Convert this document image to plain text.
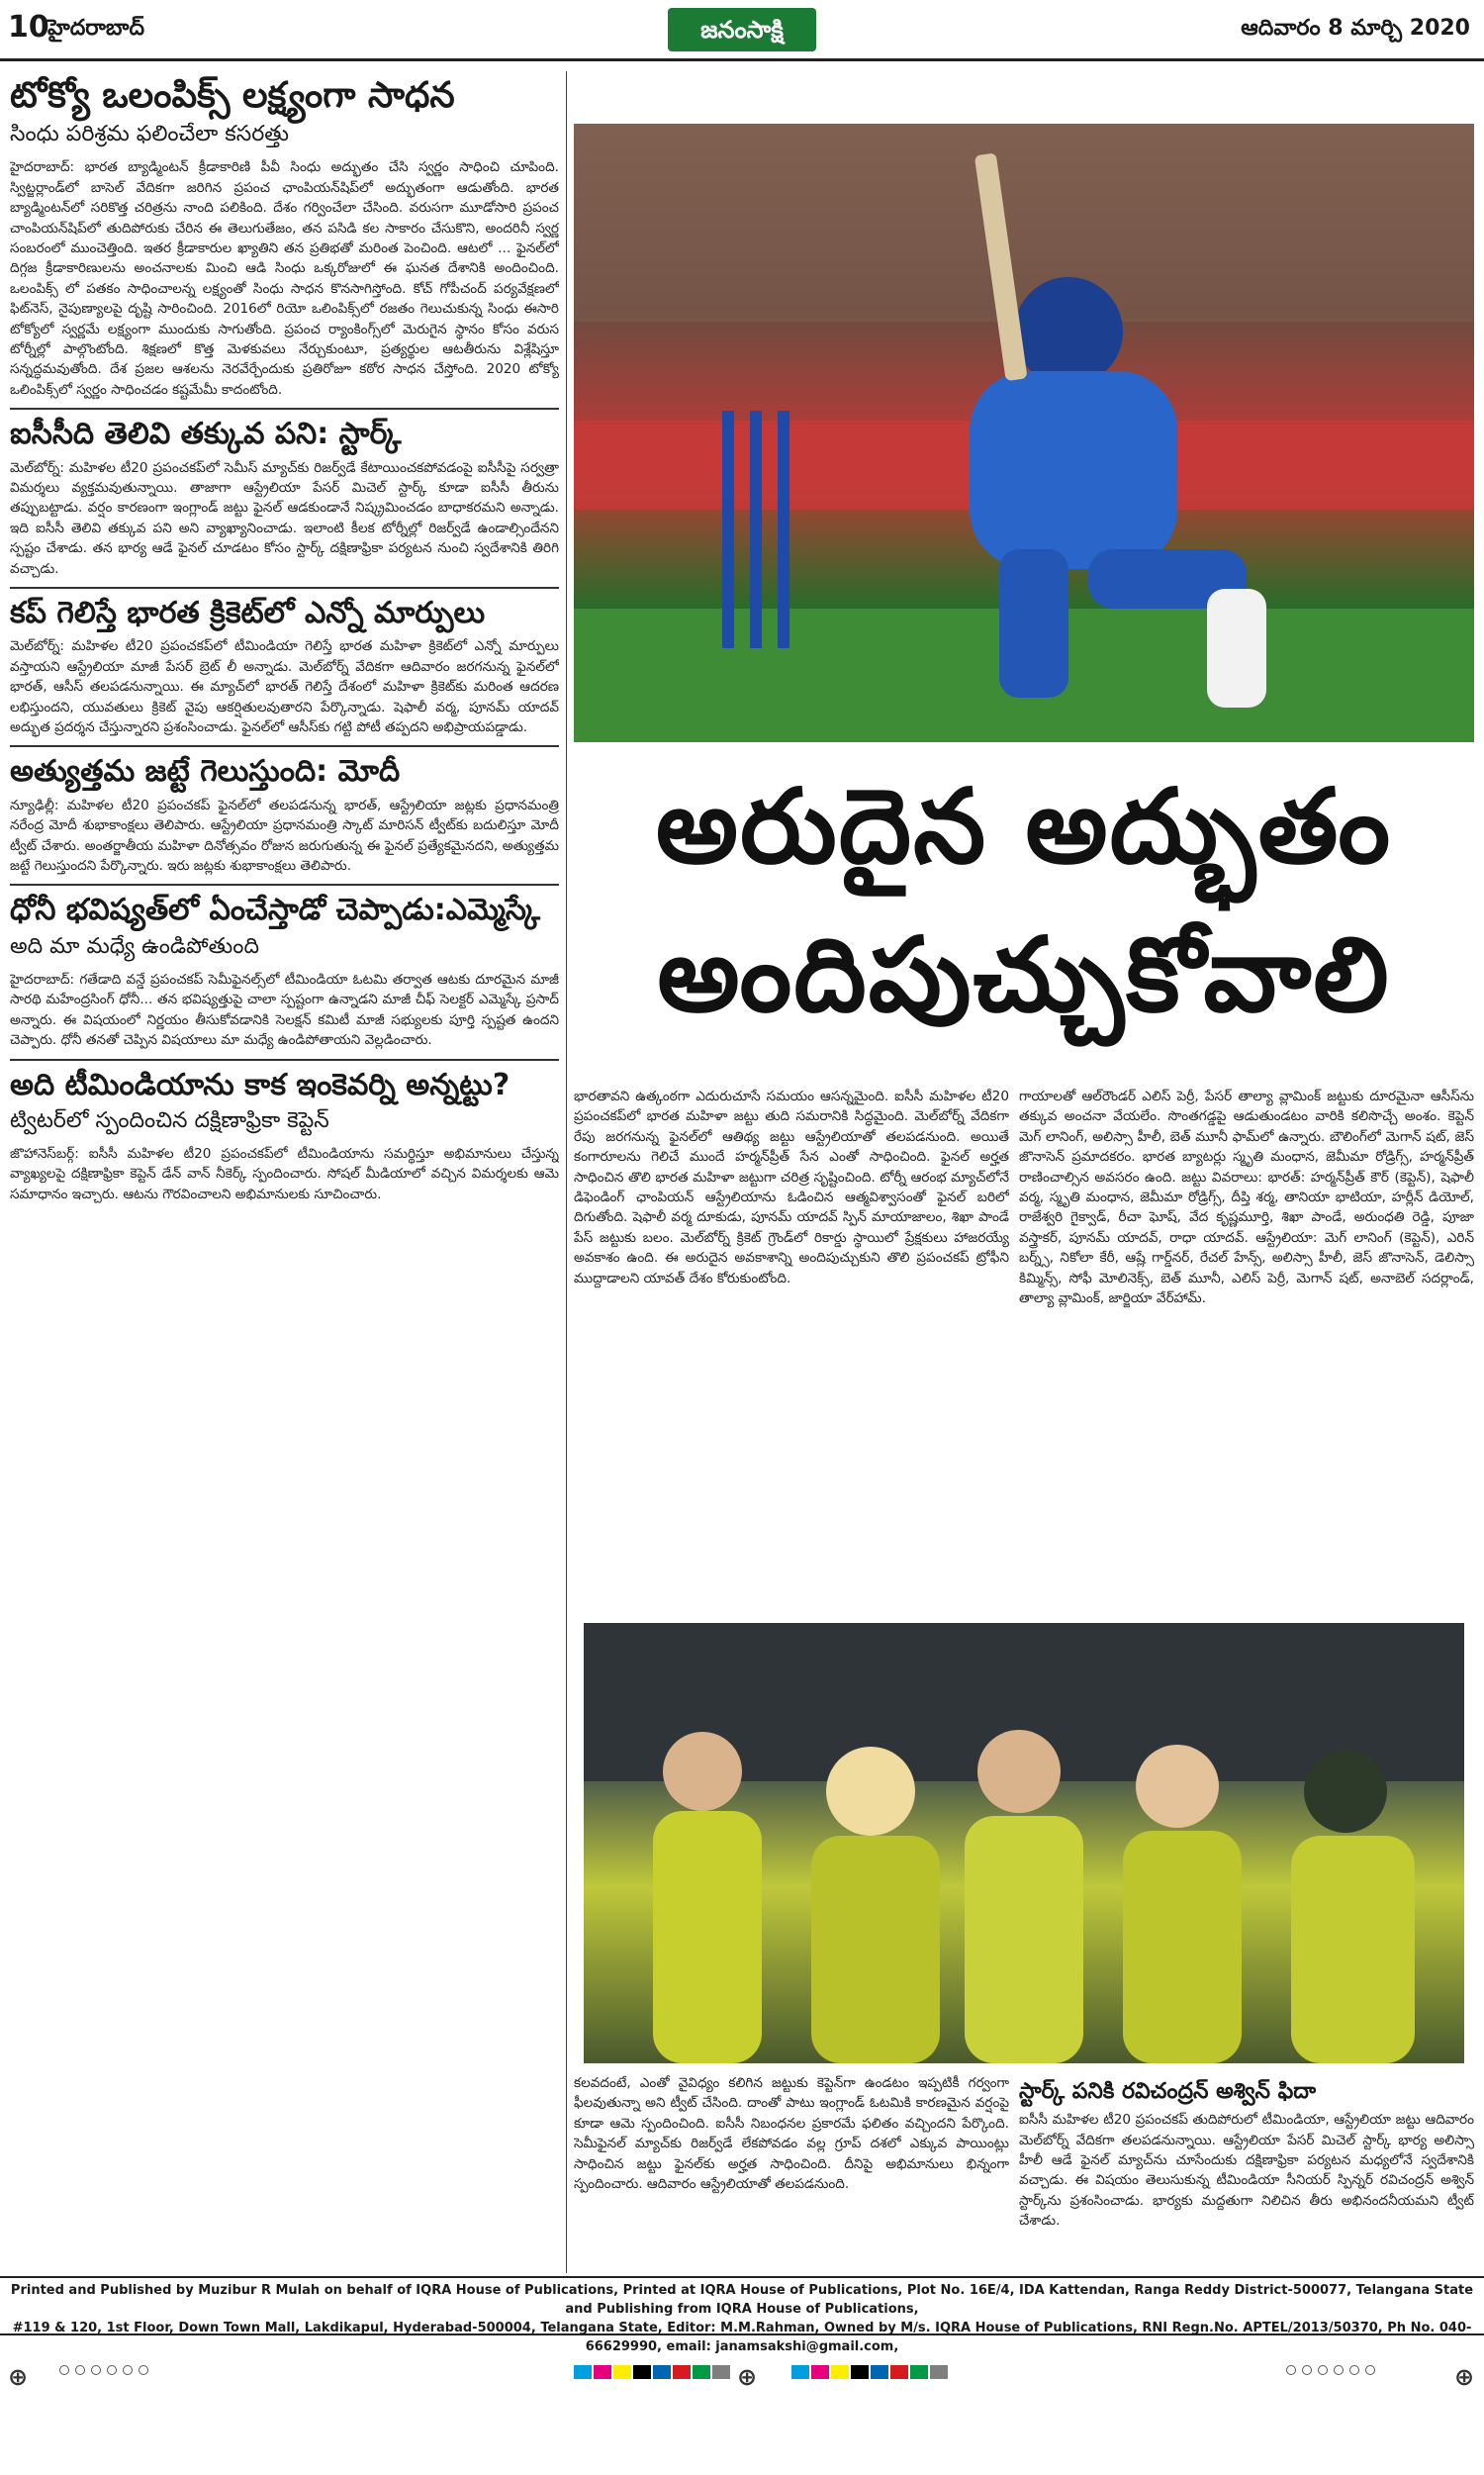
10
హైదరాబాద్	జనంసాక్షి	ఆదివారం 8 మార్చి 2020
టోక్యో ఒలంపిక్స్ లక్ష్యంగా సాధన
సింధు పరిశ్రమ ఫలించేలా కసరత్తు

హైదరాబాద్‌: భారత బ్యాడ్మింటన్ క్రీడాకారిణి పీవీ సింధు అద్భుతం చేసి స్వర్ణం సాధించి చూపింది. స్విట్జర్లాండ్‌లో బాసెల్ వేదికగా జరిగిన ప్రపంచ ఛాంపియన్‌షిప్‌లో అద్భుతంగా ఆడుతోంది. భారత బ్యాడ్మింటన్‌లో సరికొత్త చరిత్రను నాంది పలికింది. దేశం గర్వించేలా చేసింది. వరుసగా మూడోసారి ప్రపంచ చాంపియన్‌షిప్‌లో తుదిపోరుకు చేరిన ఈ తెలుగుతేజం, తన పసిడి కల సాకారం చేసుకొని, అందరినీ స్వర్ణ సంబరంలో ముంచెత్తింది. ఇతర క్రీడాకారుల ఖ్యాతిని తన ప్రతిభతో మరింత పెంచింది. ఆటలో ... ఫైనల్‌లో దిగ్గజ క్రీడాకారిణులను అంచనాలకు మించి ఆడి సింధు ఒక్కరోజులో ఈ ఘనత దేశానికి అందించింది. ఒలంపిక్స్ లో పతకం సాధించాలన్న లక్ష్యంతో సింధు సాధన కొనసాగిస్తోంది. కోచ్ గోపీచంద్ పర్యవేక్షణలో ఫిట్‌నెస్, నైపుణ్యాలపై దృష్టి సారించింది. 2016లో రియో ఒలింపిక్స్‌లో రజతం గెలుచుకున్న సింధు ఈసారి టోక్యోలో స్వర్ణమే లక్ష్యంగా ముందుకు సాగుతోంది. ప్రపంచ ర్యాంకింగ్స్‌లో మెరుగైన స్థానం కోసం వరుస టోర్నీల్లో పాల్గొంటోంది. శిక్షణలో కొత్త మెళకువలు నేర్చుకుంటూ, ప్రత్యర్థుల ఆటతీరును విశ్లేషిస్తూ సన్నద్ధమవుతోంది. దేశ ప్రజల ఆశలను నెరవేర్చేందుకు ప్రతిరోజూ కఠోర సాధన చేస్తోంది. 2020 టోక్యో ఒలింపిక్స్‌లో స్వర్ణం సాధించడం కష్టమేమీ కాదంటోంది.

ఐసీసీది తెలివి తక్కువ పని: స్టార్క్

మెల్‌బోర్న్‌: మహిళల టీ20 ప్రపంచకప్‌లో సెమీస్ మ్యాచ్‌కు రిజర్వ్‌డే కేటాయించకపోవడంపై ఐసీసీపై సర్వత్రా విమర్శలు వ్యక్తమవుతున్నాయి. తాజాగా ఆస్ట్రేలియా పేసర్ మిచెల్ స్టార్క్ కూడా ఐసీసీ తీరును తప్పుబట్టాడు. వర్షం కారణంగా ఇంగ్లాండ్ జట్టు ఫైనల్ ఆడకుండానే నిష్క్రమించడం బాధాకరమని అన్నాడు. ఇది ఐసీసీ తెలివి తక్కువ పని అని వ్యాఖ్యానించాడు. ఇలాంటి కీలక టోర్నీల్లో రిజర్వ్‌డే ఉండాల్సిందేనని స్పష్టం చేశాడు. తన భార్య ఆడే ఫైనల్ చూడటం కోసం స్టార్క్ దక్షిణాఫ్రికా పర్యటన నుంచి స్వదేశానికి తిరిగి వచ్చాడు.

కప్ గెలిస్తే భారత క్రికెట్‌లో ఎన్నో మార్పులు

మెల్‌బోర్న్‌: మహిళల టీ20 ప్రపంచకప్‌లో టీమిండియా గెలిస్తే భారత మహిళా క్రికెట్‌లో ఎన్నో మార్పులు వస్తాయని ఆస్ట్రేలియా మాజీ పేసర్ బ్రెట్ లీ అన్నాడు. మెల్‌బోర్న్ వేదికగా ఆదివారం జరగనున్న ఫైనల్‌లో భారత్, ఆసీస్ తలపడనున్నాయి. ఈ మ్యాచ్‌లో భారత్ గెలిస్తే దేశంలో మహిళా క్రికెట్‌కు మరింత ఆదరణ లభిస్తుందని, యువతులు క్రికెట్ వైపు ఆకర్షితులవుతారని పేర్కొన్నాడు. షెఫాలీ వర్మ, పూనమ్ యాదవ్ అద్భుత ప్రదర్శన చేస్తున్నారని ప్రశంసించాడు. ఫైనల్‌లో ఆసీస్‌కు గట్టి పోటీ తప్పదని అభిప్రాయపడ్డాడు.

అత్యుత్తమ జట్టే గెలుస్తుంది: మోదీ

న్యూఢిల్లీ: మహిళల టీ20 ప్రపంచకప్ ఫైనల్‌లో తలపడనున్న భారత్, ఆస్ట్రేలియా జట్లకు ప్రధానమంత్రి నరేంద్ర మోదీ శుభాకాంక్షలు తెలిపారు. ఆస్ట్రేలియా ప్రధానమంత్రి స్కాట్ మారిసన్ ట్వీట్‌కు బదులిస్తూ మోదీ ట్వీట్ చేశారు. అంతర్జాతీయ మహిళా దినోత్సవం రోజున జరుగుతున్న ఈ ఫైనల్ ప్రత్యేకమైనదని, అత్యుత్తమ జట్టే గెలుస్తుందని పేర్కొన్నారు. ఇరు జట్లకు శుభాకాంక్షలు తెలిపారు.

ధోనీ భవిష్యత్‌లో ఏంచేస్తాడో చెప్పాడు:ఎమ్మెస్కే
అది మా మధ్యే ఉండిపోతుంది

హైదరాబాద్‌: గతేడాది వన్డే ప్రపంచకప్ సెమీఫైనల్స్‌లో టీమిండియా ఓటమి తర్వాత ఆటకు దూరమైన మాజీ సారథి మహేంద్రసింగ్ ధోనీ... తన భవిష్యత్తుపై చాలా స్పష్టంగా ఉన్నాడని మాజీ చీఫ్ సెలక్టర్ ఎమ్మెస్కే ప్రసాద్ అన్నారు. ఈ విషయంలో నిర్ణయం తీసుకోవడానికి సెలక్షన్ కమిటీ మాజీ సభ్యులకు పూర్తి స్పష్టత ఉందని చెప్పారు. ధోనీ తనతో చెప్పిన విషయాలు మా మధ్యే ఉండిపోతాయని వెల్లడించారు.

అది టీమిండియాను కాక ఇంకెవర్ని అన్నట్టు?
ట్విటర్‌లో స్పందించిన దక్షిణాఫ్రికా కెప్టెన్

జొహానెస్‌బర్గ్: ఐసీసీ మహిళల టీ20 ప్రపంచకప్‌లో టీమిండియాను సమర్థిస్తూ అభిమానులు చేస్తున్న వ్యాఖ్యలపై దక్షిణాఫ్రికా కెప్టెన్ డేన్ వాన్ నీకెర్క్ స్పందించారు. సోషల్ మీడియాలో వచ్చిన విమర్శలకు ఆమె సమాధానం ఇచ్చారు. ఆటను గౌరవించాలని అభిమానులకు సూచించారు.

అరుదైన అద్భుతం
అందిపుచ్చుకోవాలి

భారతావని ఉత్కంఠగా ఎదురుచూసే సమయం ఆసన్నమైంది. ఐసీసీ మహిళల టీ20 ప్రపంచకప్‌లో భారత మహిళా జట్టు తుది సమరానికి సిద్ధమైంది. మెల్‌బోర్న్ వేదికగా రేపు జరగనున్న ఫైనల్‌లో ఆతిథ్య జట్టు ఆస్ట్రేలియాతో తలపడనుంది. అయితే కంగారూలను గెలిచే ముందే హర్మన్‌ప్రీత్ సేన ఎంతో సాధించింది. ఫైనల్ అర్హత సాధించిన తొలి భారత మహిళా జట్టుగా చరిత్ర సృష్టించింది. టోర్నీ ఆరంభ మ్యాచ్‌లోనే డిఫెండింగ్ ఛాంపియన్ ఆస్ట్రేలియాను ఓడించిన ఆత్మవిశ్వాసంతో ఫైనల్ బరిలో దిగుతోంది. షెఫాలీ వర్మ దూకుడు, పూనమ్ యాదవ్ స్పిన్ మాయాజాలం, శిఖా పాండే పేస్ జట్టుకు బలం. మెల్‌బోర్న్ క్రికెట్ గ్రౌండ్‌లో రికార్డు స్థాయిలో ప్రేక్షకులు హాజరయ్యే అవకాశం ఉంది. ఈ అరుదైన అవకాశాన్ని అందిపుచ్చుకుని తొలి ప్రపంచకప్ ట్రోఫీని ముద్దాడాలని యావత్ దేశం కోరుకుంటోంది.

గాయాలతో ఆల్‌రౌండర్ ఎలిస్ పెర్రీ, పేసర్ తాల్యా వ్లామింక్ జట్టుకు దూరమైనా ఆసీస్‌ను తక్కువ అంచనా వేయలేం. సొంతగడ్డపై ఆడుతుండటం వారికి కలిసొచ్చే అంశం. కెప్టెన్ మెగ్ లానింగ్, అలిస్సా హీలీ, బెత్ మూనీ ఫామ్‌లో ఉన్నారు. బౌలింగ్‌లో మెగాన్ షట్, జెస్ జొనాసెన్ ప్రమాదకరం. భారత బ్యాటర్లు స్మృతి మంధాన, జెమీమా రోడ్రిగ్స్, హర్మన్‌ప్రీత్ రాణించాల్సిన అవసరం ఉంది. జట్టు వివరాలు: భారత్‌: హర్మన్‌ప్రీత్ కౌర్ (కెప్టెన్), షెఫాలీ వర్మ, స్మృతి మంధాన, జెమీమా రోడ్రిగ్స్, దీప్తి శర్మ, తానియా భాటియా, హర్లీన్ డియోల్, రాజేశ్వరి గైక్వాడ్, రీచా ఘోష్, వేద కృష్ణమూర్తి, శిఖా పాండే, అరుంధతి రెడ్డి, పూజా వస్త్రాకర్, పూనమ్ యాదవ్, రాధా యాదవ్. ఆస్ట్రేలియా: మెగ్ లానింగ్ (కెప్టెన్), ఎరిన్ బర్న్స్, నికోలా కేరీ, ఆష్లే గార్డ్‌నర్, రేచల్ హేన్స్, అలిస్సా హీలీ, జెస్ జొనాసెన్, డెలిస్సా కిమ్మిన్స్, సోఫీ మోలినెక్స్, బెత్ మూనీ, ఎలిస్ పెర్రీ, మెగాన్ షట్, అనాబెల్ సదర్లాండ్, తాల్యా వ్లామింక్, జార్జియా వేర్‌హామ్.

కలవదంటే, ఎంతో వైవిధ్యం కలిగిన జట్టుకు కెప్టెన్‌గా ఉండటం ఇప్పటికీ గర్వంగా ఫీలవుతున్నా అని ట్వీట్ చేసింది. దాంతో పాటు ఇంగ్లాండ్ ఓటమికి కారణమైన వర్షంపై కూడా ఆమె స్పందించింది. ఐసీసీ నిబంధనల ప్రకారమే ఫలితం వచ్చిందని పేర్కొంది. సెమీఫైనల్ మ్యాచ్‌కు రిజర్వ్‌డే లేకపోవడం వల్ల గ్రూప్ దశలో ఎక్కువ పాయింట్లు సాధించిన జట్టు ఫైనల్‌కు అర్హత సాధించింది. దీనిపై అభిమానులు భిన్నంగా స్పందించారు. ఆదివారం ఆస్ట్రేలియాతో తలపడనుంది.

స్టార్క్ పనికి రవిచంద్రన్ అశ్విన్ ఫిదా

ఐసీసీ మహిళల టీ20 ప్రపంచకప్ తుదిపోరులో టీమిండియా, ఆస్ట్రేలియా జట్టు ఆదివారం మెల్‌బోర్న్‌ వేదికగా తలపడనున్నాయి. ఆస్ట్రేలియా పేసర్ మిచెల్ స్టార్క్ భార్య అలిస్సా హీలీ ఆడే ఫైనల్ మ్యాచ్‌ను చూసేందుకు దక్షిణాఫ్రికా పర్యటన మధ్యలోనే స్వదేశానికి వచ్చాడు. ఈ విషయం తెలుసుకున్న టీమిండియా సీనియర్ స్పిన్నర్ రవిచంద్రన్ అశ్విన్ స్టార్క్‌ను ప్రశంసించాడు. భార్యకు మద్దతుగా నిలిచిన తీరు అభినందనీయమని ట్వీట్ చేశాడు.

Printed and Published by Muzibur R Mulah on behalf of IQRA House of Publications, Printed at IQRA House of Publications, Plot No. 16E/4, IDA Kattendan, Ranga Reddy District-500077, Telangana State and Publishing from IQRA House of Publications,
#119 & 120, 1st Floor, Down Town Mall, Lakdikapul, Hyderabad-500004, Telangana State, Editor: M.M.Rahman, Owned by M/s. IQRA House of Publications, RNI Regn.No. APTEL/2013/50370, Ph No. 040-66629990, email: janamsakshi@gmail.com,
⊕	⊕	⊕
